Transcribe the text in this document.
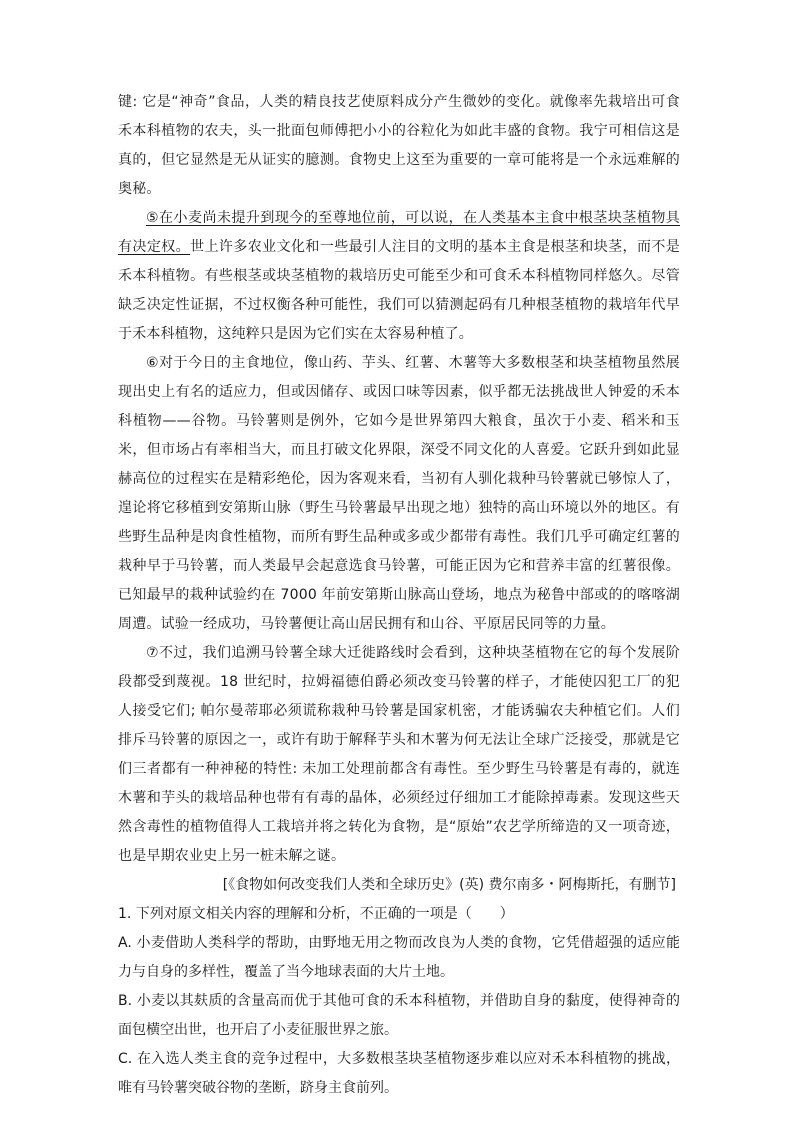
键: 它是“神奇”食品，人类的精良技艺使原料成分产生微妙的变化。就像率先栽培出可食禾本科植物的农夫，头一批面包师傅把小小的谷粒化为如此丰盛的食物。我宁可相信这是真的，但它显然是无从证实的臆测。食物史上这至为重要的一章可能将是一个永远难解的奥秘。

⑤在小麦尚未提升到现今的至尊地位前，可以说，在人类基本主食中根茎块茎植物具有决定权。世上许多农业文化和一些最引人注目的文明的基本主食是根茎和块茎，而不是禾本科植物。有些根茎或块茎植物的栽培历史可能至少和可食禾本科植物同样悠久。尽管缺乏决定性证据，不过权衡各种可能性，我们可以猜测起码有几种根茎植物的栽培年代早于禾本科植物，这纯粹只是因为它们实在太容易种植了。

⑥对于今日的主食地位，像山药、芋头、红薯、木薯等大多数根茎和块茎植物虽然展现出史上有名的适应力，但或因储存、或因口味等因素，似乎都无法挑战世人钟爱的禾本科植物——谷物。马铃薯则是例外，它如今是世界第四大粮食，虽次于小麦、稻米和玉米，但市场占有率相当大，而且打破文化界限，深受不同文化的人喜爱。它跃升到如此显赫高位的过程实在是精彩绝伦，因为客观来看，当初有人驯化栽种马铃薯就已够惊人了，遑论将它移植到安第斯山脉（野生马铃薯最早出现之地）独特的高山环境以外的地区。有些野生品种是肉食性植物，而所有野生品种或多或少都带有毒性。我们几乎可确定红薯的栽种早于马铃薯，而人类最早会起意选食马铃薯，可能正因为它和营养丰富的红薯很像。已知最早的栽种试验约在 7000 年前安第斯山脉高山登场，地点为秘鲁中部或的的喀喀湖周遭。试验一经成功，马铃薯便让高山居民拥有和山谷、平原居民同等的力量。

⑦不过，我们追溯马铃薯全球大迁徙路线时会看到，这种块茎植物在它的每个发展阶段都受到蔑视。18 世纪时，拉姆福德伯爵必须改变马铃薯的样子，才能使囚犯工厂的犯人接受它们; 帕尔曼蒂耶必须谎称栽种马铃薯是国家机密，才能诱骗农夫种植它们。人们排斥马铃薯的原因之一，或许有助于解释芋头和木薯为何无法让全球广泛接受，那就是它们三者都有一种神秘的特性: 未加工处理前都含有毒性。至少野生马铃薯是有毒的，就连木薯和芋头的栽培品种也带有有毒的晶体，必须经过仔细加工才能除掉毒素。发现这些天然含毒性的植物值得人工栽培并将之转化为食物，是“原始”农艺学所缔造的又一项奇迹，也是早期农业史上另一桩未解之谜。

[《食物如何改变我们人类和全球历史》(英) 费尔南多・阿梅斯托，有删节]

1. 下列对原文相关内容的理解和分析，不正确的一项是（　　）

A. 小麦借助人类科学的帮助，由野地无用之物而改良为人类的食物，它凭借超强的适应能力与自身的多样性，覆盖了当今地球表面的大片土地。

B. 小麦以其麸质的含量高而优于其他可食的禾本科植物，并借助自身的黏度，使得神奇的面包横空出世，也开启了小麦征服世界之旅。

C. 在入选人类主食的竞争过程中，大多数根茎块茎植物逐步难以应对禾本科植物的挑战，唯有马铃薯突破谷物的垄断，跻身主食前列。
